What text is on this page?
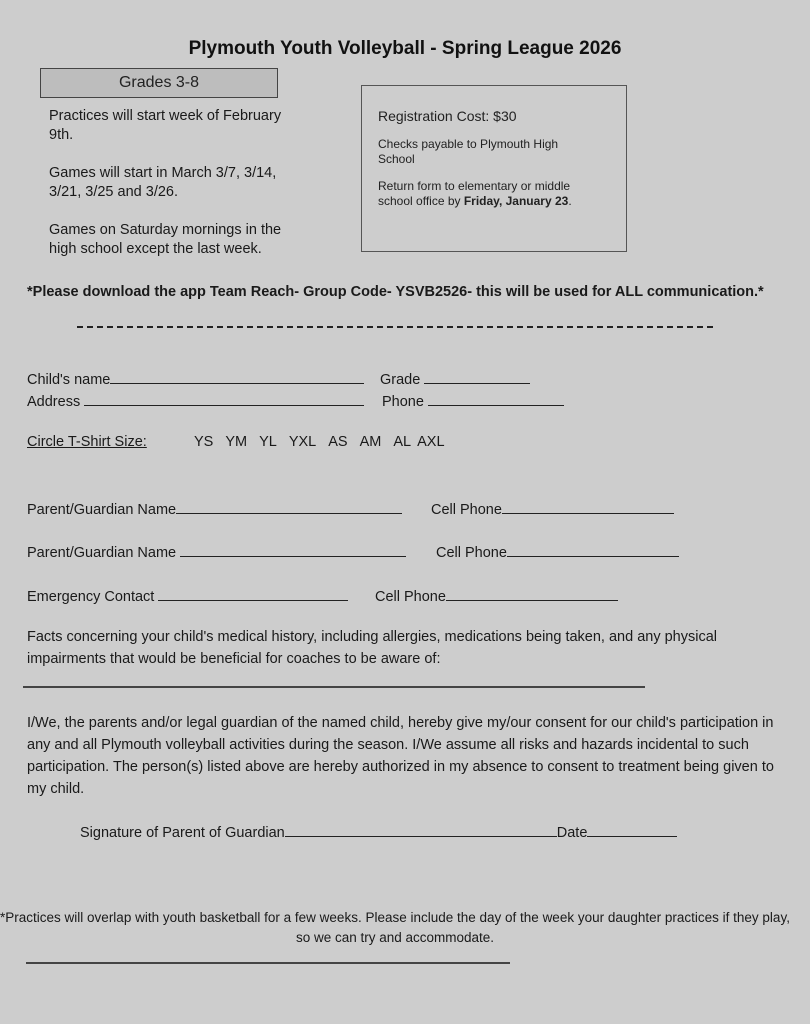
Plymouth Youth Volleyball - Spring League 2026
Grades 3-8

Practices will start week of February 9th.

Games will start in March 3/7, 3/14, 3/21, 3/25 and 3/26.

Games on Saturday mornings in the high school except the last week.

Registration Cost: $30
Checks payable to Plymouth High School
Return form to elementary or middle school office by Friday, January 23.
*Please download the app Team Reach- Group Code- YSVB2526- this will be used for ALL communication.*
Child's name	Grade
Address	Phone
Circle T-Shirt Size:	YS YM YL YXL AS AM AL AXL
Parent/Guardian Name	Cell Phone
Parent/Guardian Name	Cell Phone
Emergency Contact	Cell Phone
Facts concerning your child's medical history, including allergies, medications being taken, and any physical impairments that would be beneficial for coaches to be aware of:
I/We, the parents and/or legal guardian of the named child, hereby give my/our consent for our child's participation in any and all Plymouth volleyball activities during the season. I/We assume all risks and hazards incidental to such participation. The person(s) listed above are hereby authorized in my absence to consent to treatment being given to my child.
Signature of Parent of Guardian	Date
*Practices will overlap with youth basketball for a few weeks. Please include the day of the week your daughter practices if they play, so we can try and accommodate.
